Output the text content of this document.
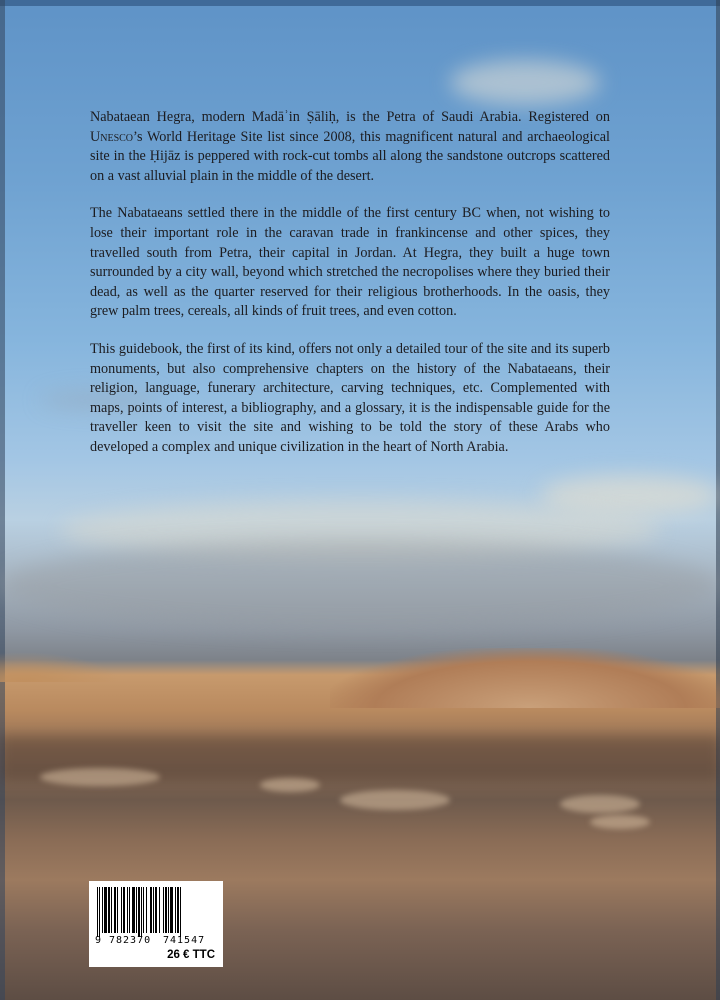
Nabataean Hegra, modern Madāʾin Ṣāliḥ, is the Petra of Saudi Arabia. Registered on Unesco’s World Heritage Site list since 2008, this magnificent natural and archaeological site in the Ḥijāz is peppered with rock-cut tombs all along the sandstone outcrops scattered on a vast alluvial plain in the middle of the desert.

The Nabataeans settled there in the middle of the first century BC when, not wishing to lose their important role in the caravan trade in frankincense and other spices, they travelled south from Petra, their capital in Jordan. At Hegra, they built a huge town surrounded by a city wall, beyond which stretched the necropolises where they buried their dead, as well as the quarter reserved for their religious brotherhoods. In the oasis, they grew palm trees, cereals, all kinds of fruit trees, and even cotton.

This guidebook, the first of its kind, offers not only a detailed tour of the site and its superb monuments, but also comprehensive chapters on the history of the Nabataeans, their religion, language, funerary architecture, carving techniques, etc. Complemented with maps, points of interest, a bibliography, and a glossary, it is the indispensable guide for the traveller keen to visit the site and wishing to be told the story of these Arabs who developed a complex and unique civilization in the heart of North Arabia.

9 782370 741547
26 € TTC
